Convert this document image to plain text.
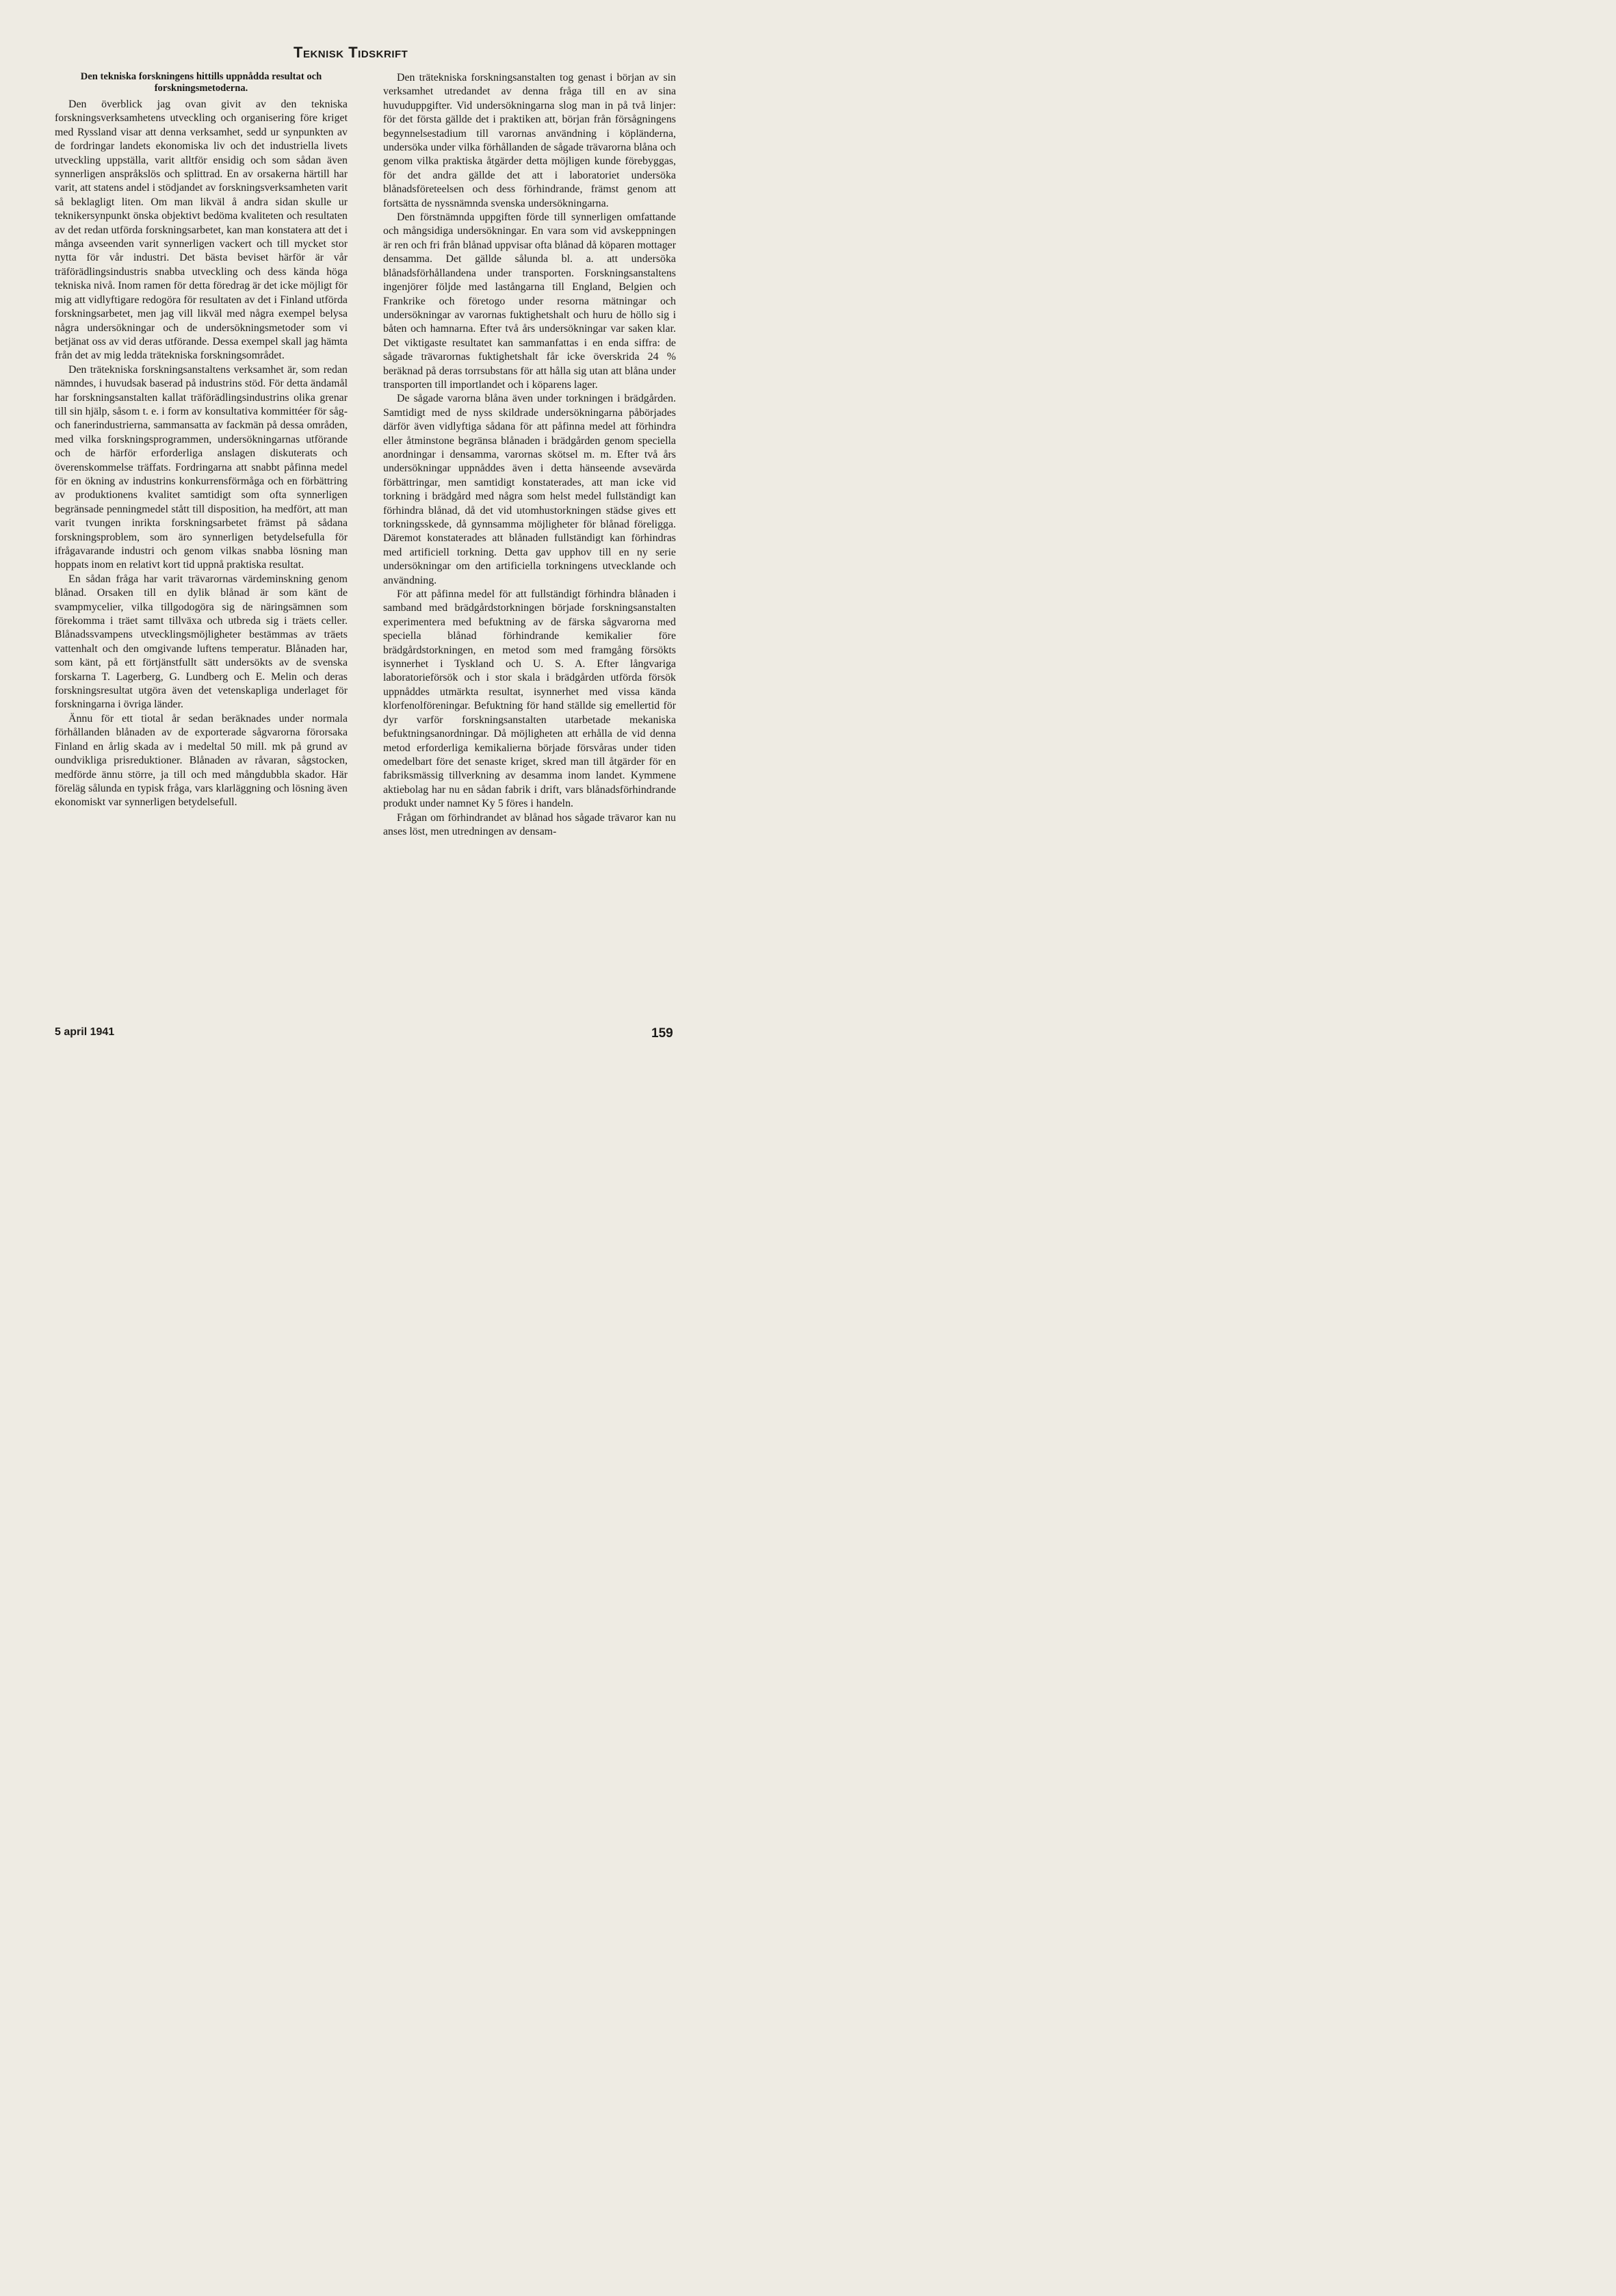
Teknisk Tidskrift
Den tekniska forskningens hittills uppnådda resultat och forskningsmetoderna.

Den överblick jag ovan givit av den tekniska forskningsverksamhetens utveckling och organisering före kriget med Ryssland visar att denna verksamhet, sedd ur synpunkten av de fordringar landets ekonomiska liv och det industriella livets utveckling uppställa, varit alltför ensidig och som sådan även synnerligen anspråkslös och splittrad. En av orsakerna härtill har varit, att statens andel i stödjandet av forskningsverksamheten varit så beklagligt liten. Om man likväl å andra sidan skulle ur teknikersynpunkt önska objektivt bedöma kvaliteten och resultaten av det redan utförda forskningsarbetet, kan man konstatera att det i många avseenden varit synnerligen vackert och till mycket stor nytta för vår industri. Det bästa beviset härför är vår träförädlingsindustris snabba utveckling och dess kända höga tekniska nivå. Inom ramen för detta föredrag är det icke möjligt för mig att vidlyftigare redogöra för resultaten av det i Finland utförda forskningsarbetet, men jag vill likväl med några exempel belysa några undersökningar och de undersökningsmetoder som vi betjänat oss av vid deras utförande. Dessa exempel skall jag hämta från det av mig ledda trätekniska forskningsområdet.

Den trätekniska forskningsanstaltens verksamhet är, som redan nämndes, i huvudsak baserad på industrins stöd. För detta ändamål har forskningsanstalten kallat träförädlingsindustrins olika grenar till sin hjälp, såsom t. e. i form av konsultativa kommittéer för såg- och fanerindustrierna, sammansatta av fackmän på dessa områden, med vilka forskningsprogrammen, undersökningarnas utförande och de härför erforderliga anslagen diskuterats och överenskommelse träffats. Fordringarna att snabbt påfinna medel för en ökning av industrins konkurrensförmåga och en förbättring av produktionens kvalitet samtidigt som ofta synnerligen begränsade penningmedel stått till disposition, ha medfört, att man varit tvungen inrikta forskningsarbetet främst på sådana forskningsproblem, som äro synnerligen betydelsefulla för ifrågavarande industri och genom vilkas snabba lösning man hoppats inom en relativt kort tid uppnå praktiska resultat.

En sådan fråga har varit trävarornas värdeminskning genom blånad. Orsaken till en dylik blånad är som känt de svampmycelier, vilka tillgodogöra sig de näringsämnen som förekomma i träet samt tillväxa och utbreda sig i träets celler. Blånadssvampens utvecklingsmöjligheter bestämmas av träets vattenhalt och den omgivande luftens temperatur. Blånaden har, som känt, på ett förtjänstfullt sätt undersökts av de svenska forskarna T. Lagerberg, G. Lundberg och E. Melin och deras forskningsresultat utgöra även det vetenskapliga underlaget för forskningarna i övriga länder.

Ännu för ett tiotal år sedan beräknades under normala förhållanden blånaden av de exporterade sågvarorna förorsaka Finland en årlig skada av i medeltal 50 mill. mk på grund av oundvikliga prisreduktioner. Blånaden av råvaran, sågstocken, medförde ännu större, ja till och med mångdubbla skador. Här föreläg sålunda en typisk fråga, vars klarläggning och lösning även ekonomiskt var synnerligen betydelsefull.

Den trätekniska forskningsanstalten tog genast i början av sin verksamhet utredandet av denna fråga till en av sina huvuduppgifter. Vid undersökningarna slog man in på två linjer: för det första gällde det i praktiken att, början från försågningens begynnelsestadium till varornas användning i köpländerna, undersöka under vilka förhållanden de sågade trävarorna blåna och genom vilka praktiska åtgärder detta möjligen kunde förebyggas, för det andra gällde det att i laboratoriet undersöka blånadsföreteelsen och dess förhindrande, främst genom att fortsätta de nyssnämnda svenska undersökningarna.

Den förstnämnda uppgiften förde till synnerligen omfattande och mångsidiga undersökningar. En vara som vid avskeppningen är ren och fri från blånad uppvisar ofta blånad då köparen mottager densamma. Det gällde sålunda bl. a. att undersöka blånadsförhållandena under transporten. Forskningsanstaltens ingenjörer följde med lastångarna till England, Belgien och Frankrike och företogo under resorna mätningar och undersökningar av varornas fuktighetshalt och huru de höllo sig i båten och hamnarna. Efter två års undersökningar var saken klar. Det viktigaste resultatet kan sammanfattas i en enda siffra: de sågade trävarornas fuktighetshalt får icke överskrida 24 % beräknad på deras torrsubstans för att hålla sig utan att blåna under transporten till importlandet och i köparens lager.

De sågade varorna blåna även under torkningen i brädgården. Samtidigt med de nyss skildrade undersökningarna påbörjades därför även vidlyftiga sådana för att påfinna medel att förhindra eller åtminstone begränsa blånaden i brädgården genom speciella anordningar i densamma, varornas skötsel m. m. Efter två års undersökningar uppnåddes även i detta hänseende avsevärda förbättringar, men samtidigt konstaterades, att man icke vid torkning i brädgård med några som helst medel fullständigt kan förhindra blånad, då det vid utomhustorkningen städse gives ett torkningsskede, då gynnsamma möjligheter för blånad föreligga. Däremot konstaterades att blånaden fullständigt kan förhindras med artificiell torkning. Detta gav upphov till en ny serie undersökningar om den artificiella torkningens utvecklande och användning.

För att påfinna medel för att fullständigt förhindra blånaden i samband med brädgårdstorkningen började forskningsanstalten experimentera med befuktning av de färska sågvarorna med speciella blånad förhindrande kemikalier före brädgårdstorkningen, en metod som med framgång försökts isynnerhet i Tyskland och U. S. A. Efter långvariga laboratorieförsök och i stor skala i brädgården utförda försök uppnåddes utmärkta resultat, isynnerhet med vissa kända klorfenolföreningar. Befuktning för hand ställde sig emellertid för dyr varför forskningsanstalten utarbetade mekaniska befuktningsanordningar. Då möjligheten att erhålla de vid denna metod erforderliga kemikalierna började försvåras under tiden omedelbart före det senaste kriget, skred man till åtgärder för en fabriksmässig tillverkning av desamma inom landet. Kymmene aktiebolag har nu en sådan fabrik i drift, vars blånadsförhindrande produkt under namnet Ky 5 föres i handeln.

Frågan om förhindrandet av blånad hos sågade trävaror kan nu anses löst, men utredningen av densam-

5 april 1941	159
